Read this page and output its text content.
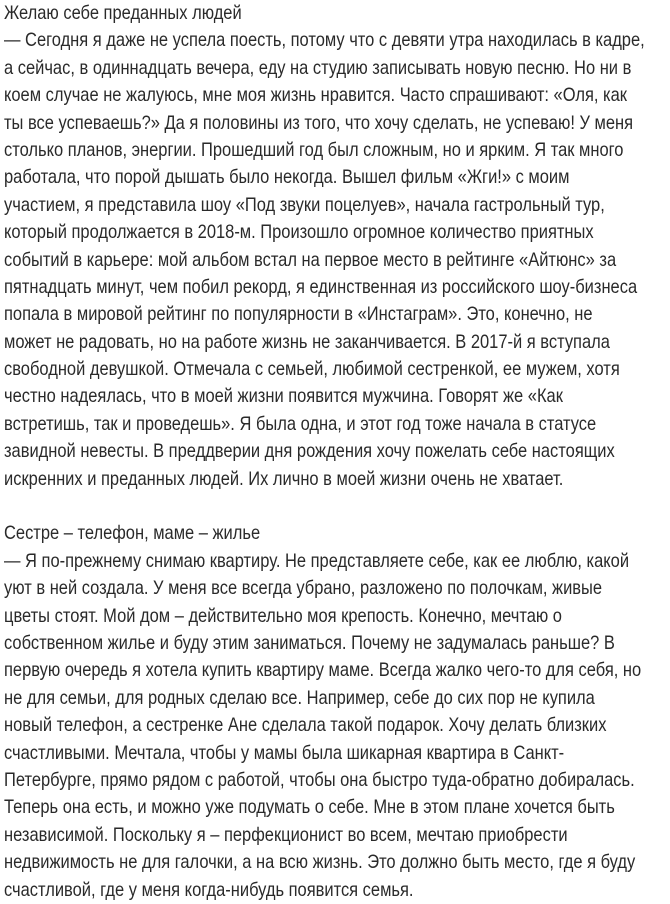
Желаю себе преданных людей
— Сегодня я даже не успела поесть, потому что с девяти утра находилась в кадре,
а сейчас, в одиннадцать вечера, еду на студию записывать новую песню. Но ни в
коем случае не жалуюсь, мне моя жизнь нравится. Часто спрашивают: «Оля, как
ты все успеваешь?» Да я половины из того, что хочу сделать, не успеваю! У меня
столько планов, энергии. Прошедший год был сложным, но и ярким. Я так много
работала, что порой дышать было некогда. Вышел фильм «Жги!» с моим
участием, я представила шоу «Под звуки поцелуев», начала гастрольный тур,
который продолжается в 2018-м. Произошло огромное количество приятных
событий в карьере: мой альбом встал на первое место в рейтинге «Айтюнс» за
пятнадцать минут, чем побил рекорд, я единственная из российского шоу-бизнеса
попала в мировой рейтинг по популярности в «Инстаграм». Это, конечно, не
может не радовать, но на работе жизнь не заканчивается. В 2017-й я вступала
свободной девушкой. Отмечала с семьей, любимой сестренкой, ее мужем, хотя
честно надеялась, что в моей жизни появится мужчина. Говорят же «Как
встретишь, так и проведешь». Я была одна, и этот год тоже начала в статусе
завидной невесты. В преддверии дня рождения хочу пожелать себе настоящих
искренних и преданных людей. Их лично в моей жизни очень не хватает.
Сестре – телефон, маме – жилье
— Я по-прежнему снимаю квартиру. Не представляете себе, как ее люблю, какой
уют в ней создала. У меня все всегда убрано, разложено по полочкам, живые
цветы стоят. Мой дом – действительно моя крепость. Конечно, мечтаю о
собственном жилье и буду этим заниматься. Почему не задумалась раньше? В
первую очередь я хотела купить квартиру маме. Всегда жалко чего-то для себя, но
не для семьи, для родных сделаю все. Например, себе до сих пор не купила
новый телефон, а сестренке Ане сделала такой подарок. Хочу делать близких
счастливыми. Мечтала, чтобы у мамы была шикарная квартира в Санкт-
Петербурге, прямо рядом с работой, чтобы она быстро туда-обратно добиралась.
Теперь она есть, и можно уже подумать о себе. Мне в этом плане хочется быть
независимой. Поскольку я – перфекционист во всем, мечтаю приобрести
недвижимость не для галочки, а на всю жизнь. Это должно быть место, где я буду
счастливой, где у меня когда-нибудь появится семья.
